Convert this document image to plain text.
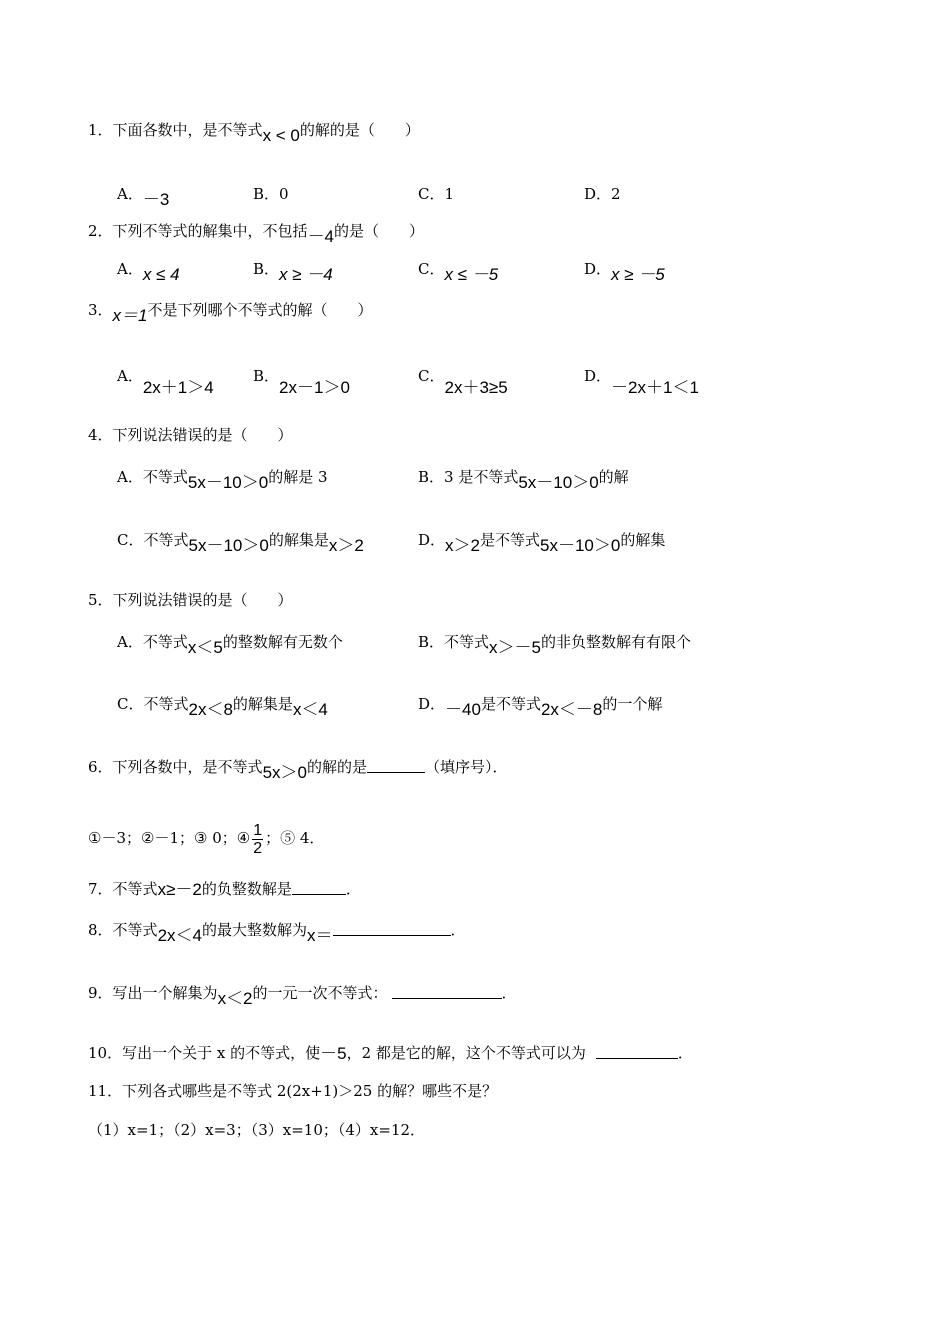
1．下面各数中，是不等式x < 0的解的是（　　）
A．－3	B．0	C．1	D．2
2．下列不等式的解集中，不包括－4的是（　　）
A．x ≤ 4	B．x ≥ －4	C．x ≤ －5	D．x ≥ －5
3．x＝1不是下列哪个不等式的解（　　）
A．2x＋1＞4
B．2x－1＞0
C．2x＋3≥5
D．－2x＋1＜1
4．下列说法错误的是（　　）
A．不等式5x－10＞0的解是 3	B．3 是不等式5x－10＞0的解
C．不等式5x－10＞0的解集是x＞2	D．x＞2是不等式5x－10＞0的解集
5．下列说法错误的是（　　）
A．不等式x＜5的整数解有无数个	B．不等式x＞－5的非负整数解有有限个
C．不等式2x＜8的解集是x＜4	D．－40是不等式2x＜－8的一个解
6．下列各数中，是不等式5x＞0的解的是	（填序号）．
①－3；②－1；③ 0；④ $\frac{1}{2}$ ；⑤ 4．
7．不等式x≥－2的负整数解是	．
8．不等式2x＜4的最大整数解为x＝	．
9．写出一个解集为x＜2的一元一次不等式：	．
10．写出一个关于 x 的不等式，使－5，2 都是它的解，这个不等式可以为	．
11．下列各式哪些是不等式 2(2x+1)＞25 的解？哪些不是？
（1）x=1；（2）x=3；（3）x=10；（4）x=12．
